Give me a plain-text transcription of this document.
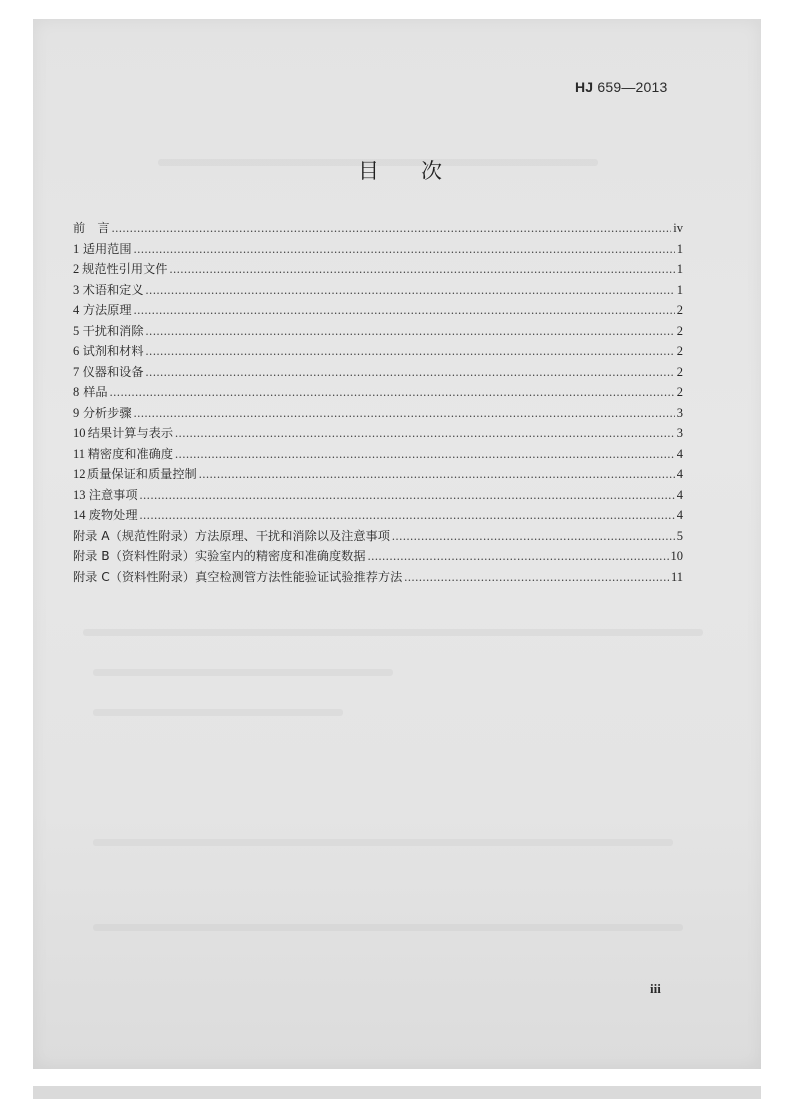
HJ 659—2013
目　　次
前　言 .....	iv
1 适用范围 .....	1
2 规范性引用文件 .....	1
3 术语和定义 .....	1
4 方法原理 .....	2
5 干扰和消除 .....	2
6 试剂和材料 .....	2
7 仪器和设备 .....	2
8 样品 .....	2
9 分析步骤 .....	3
10 结果计算与表示 .....	3
11 精密度和准确度 .....	4
12 质量保证和质量控制 .....	4
13 注意事项 .....	4
14 废物处理 .....	4
附录 A（规范性附录） 方法原理、干扰和消除以及注意事项 .....	5
附录 B（资料性附录） 实验室内的精密度和准确度数据 .....	10
附录 C（资料性附录） 真空检测管方法性能验证试验推荐方法 .....	11
iii
